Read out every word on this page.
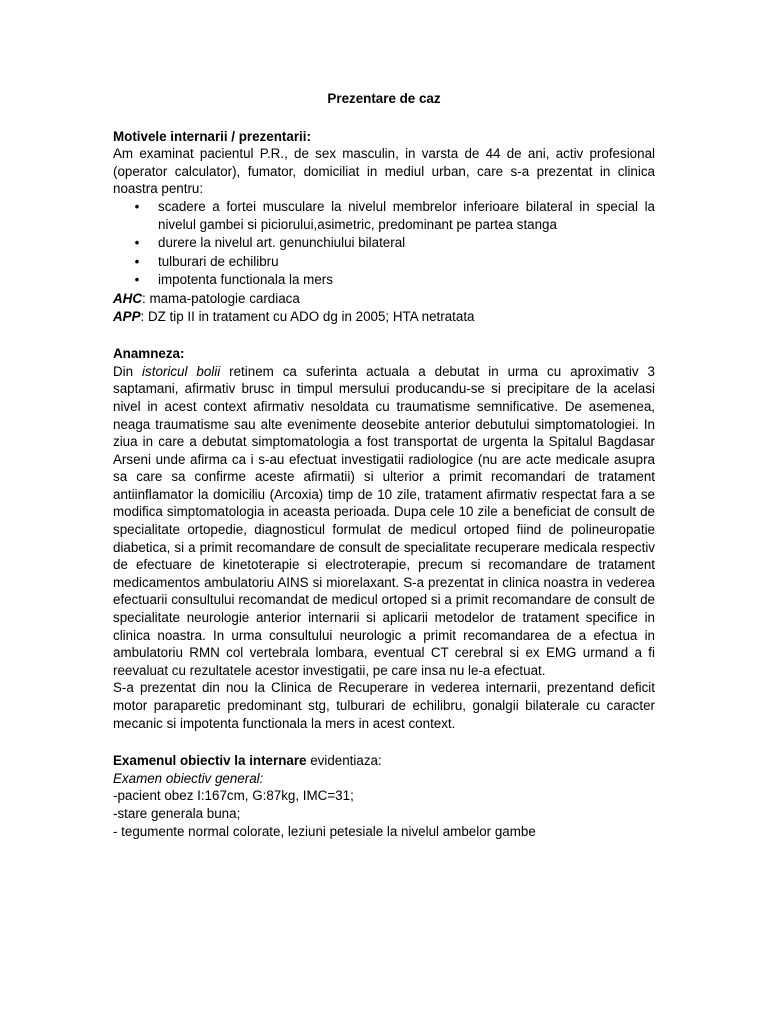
Prezentare de caz
Motivele internarii / prezentarii:

Am examinat pacientul P.R., de sex masculin, in varsta de 44 de ani, activ profesional (operator calculator), fumator, domiciliat in mediul urban, care s-a prezentat in clinica noastra pentru:

• scadere a fortei musculare la nivelul membrelor inferioare bilateral in special la nivelul gambei si piciorului,asimetric, predominant pe partea stanga
• durere la nivelul art. genunchiului bilateral
• tulburari de echilibru
• impotenta functionala la mers
AHC: mama-patologie cardiaca
APP: DZ tip II in tratament cu ADO dg in 2005; HTA netratata
Anamneza:

Din istoricul bolii retinem ca suferinta actuala a debutat in urma cu aproximativ 3 saptamani, afirmativ brusc in timpul mersului producandu-se si precipitare de la acelasi nivel in acest context afirmativ nesoldata cu traumatisme semnificative. De asemenea, neaga traumatisme sau alte evenimente deosebite anterior debutului simptomatologiei. In ziua in care a debutat simptomatologia a fost transportat de urgenta la Spitalul Bagdasar Arseni unde afirma ca i s-au efectuat investigatii radiologice (nu are acte medicale asupra sa care sa confirme aceste afirmatii) si ulterior a primit recomandari de tratament antiinflamator la domiciliu (Arcoxia) timp de 10 zile, tratament afirmativ respectat fara a se modifica simptomatologia in aceasta perioada. Dupa cele 10 zile a beneficiat de consult de specialitate ortopedie, diagnosticul formulat de medicul ortoped fiind de polineuropatie diabetica, si a primit recomandare de consult de specialitate recuperare medicala respectiv de efectuare de kinetoterapie si electroterapie, precum si recomandare de tratament medicamentos ambulatoriu AINS si miorelaxant. S-a prezentat in clinica noastra in vederea efectuarii consultului recomandat de medicul ortoped si a primit recomandare de consult de specialitate neurologie anterior internarii si aplicarii metodelor de tratament specifice in clinica noastra. In urma consultului neurologic a primit recomandarea de a efectua in ambulatoriu RMN col vertebrala lombara, eventual CT cerebral si ex EMG urmand a fi reevaluat cu rezultatele acestor investigatii, pe care insa nu le-a efectuat.

S-a prezentat din nou la Clinica de Recuperare in vederea internarii, prezentand deficit motor paraparetic predominant stg, tulburari de echilibru, gonalgii bilaterale cu caracter mecanic si impotenta functionala la mers in acest context.

Examenul obiectiv la internare evidentiaza:
Examen obiectiv general:
-pacient obez I:167cm, G:87kg, IMC=31;
-stare generala buna;
- tegumente normal colorate, leziuni petesiale la nivelul ambelor gambe
